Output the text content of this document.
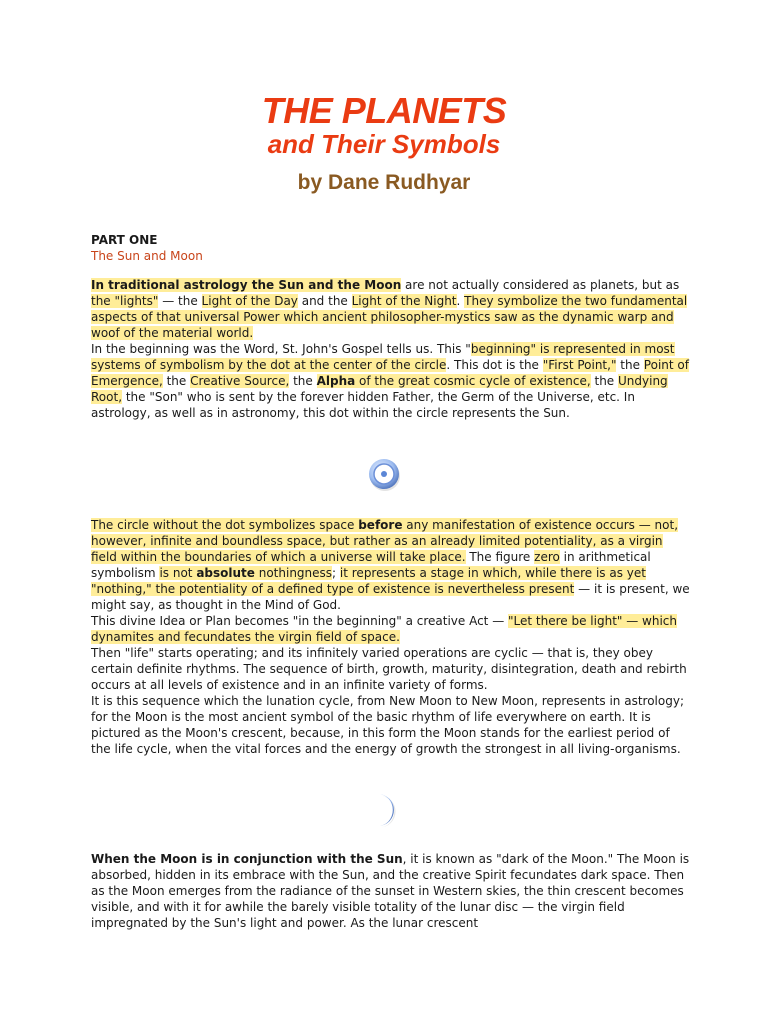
THE PLANETS
and Their Symbols
by Dane Rudhyar
PART ONE
The Sun and Moon

In traditional astrology the Sun and the Moon are not actually considered as planets, but as the "lights" — the Light of the Day and the Light of the Night. They symbolize the two fundamental aspects of that universal Power which ancient philosopher-mystics saw as the dynamic warp and woof of the material world.

In the beginning was the Word, St. John's Gospel tells us. This "beginning" is represented in most systems of symbolism by the dot at the center of the circle. This dot is the "First Point," the Point of Emergence, the Creative Source, the Alpha of the great cosmic cycle of existence, the Undying Root, the "Son" who is sent by the forever hidden Father, the Germ of the Universe, etc. In astrology, as well as in astronomy, this dot within the circle represents the Sun.

The circle without the dot symbolizes space before any manifestation of existence occurs — not, however, infinite and boundless space, but rather as an already limited potentiality, as a virgin field within the boundaries of which a universe will take place. The figure zero in arithmetical symbolism is not absolute nothingness; it represents a stage in which, while there is as yet "nothing," the potentiality of a defined type of existence is nevertheless present — it is present, we might say, as thought in the Mind of God.

This divine Idea or Plan becomes "in the beginning" a creative Act — "Let there be light" — which dynamites and fecundates the virgin field of space.

Then "life" starts operating; and its infinitely varied operations are cyclic — that is, they obey certain definite rhythms. The sequence of birth, growth, maturity, disintegration, death and rebirth occurs at all levels of existence and in an infinite variety of forms.

It is this sequence which the lunation cycle, from New Moon to New Moon, represents in astrology; for the Moon is the most ancient symbol of the basic rhythm of life everywhere on earth. It is pictured as the Moon's crescent, because, in this form the Moon stands for the earliest period of the life cycle, when the vital forces and the energy of growth the strongest in all living-organisms.

When the Moon is in conjunction with the Sun, it is known as "dark of the Moon." The Moon is absorbed, hidden in its embrace with the Sun, and the creative Spirit fecundates dark space. Then as the Moon emerges from the radiance of the sunset in Western skies, the thin crescent becomes visible, and with it for awhile the barely visible totality of the lunar disc — the virgin field impregnated by the Sun's light and power. As the lunar crescent
